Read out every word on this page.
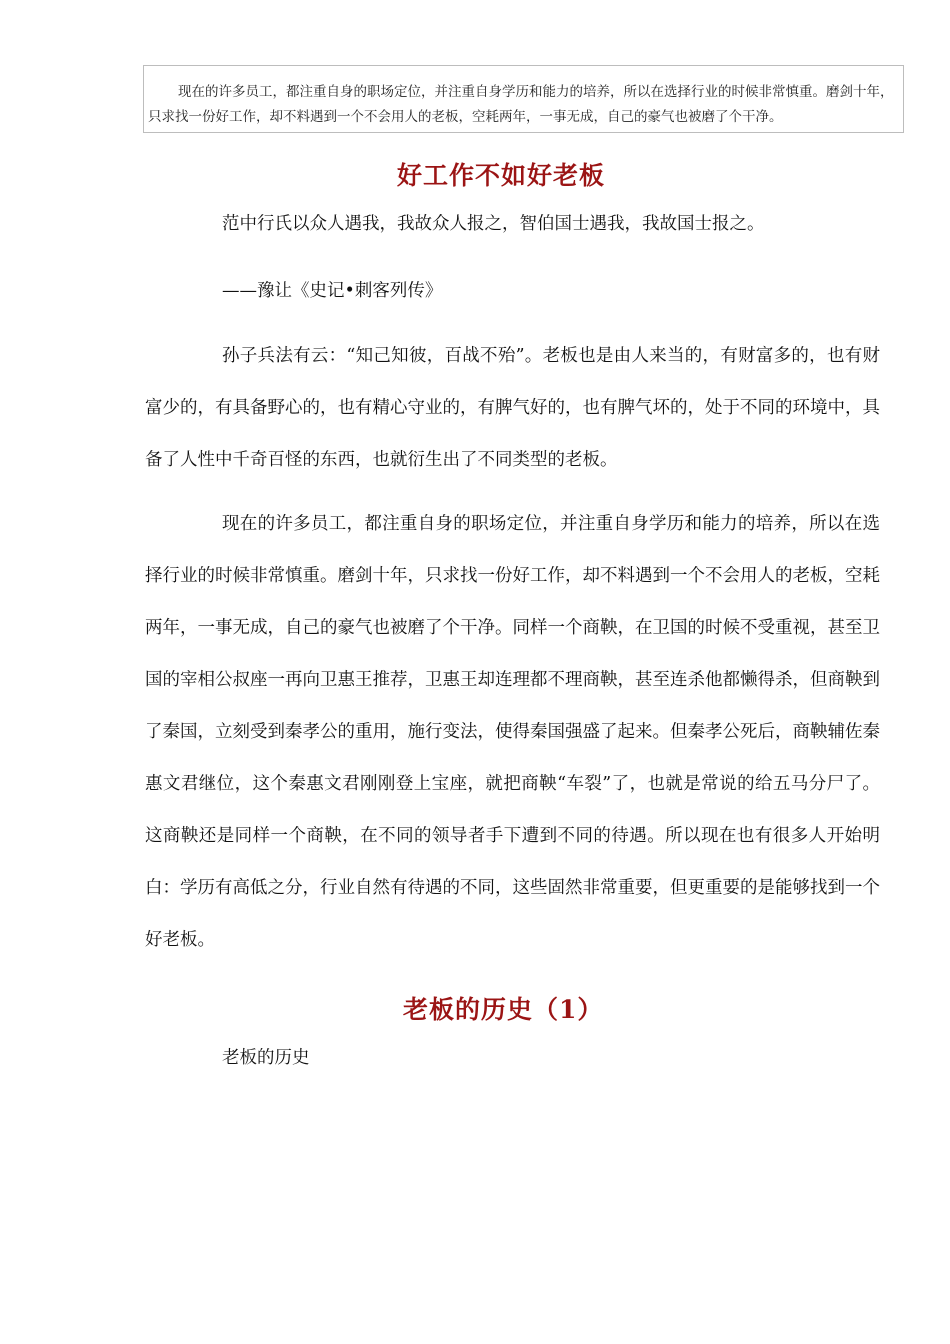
现在的许多员工，都注重自身的职场定位，并注重自身学历和能力的培养，所以在选择行业的时候非常慎重。磨剑十年，只求找一份好工作，却不料遇到一个不会用人的老板，空耗两年，一事无成，自己的豪气也被磨了个干净。
好工作不如好老板

范中行氏以众人遇我，我故众人报之，智伯国士遇我，我故国士报之。

——豫让《史记•刺客列传》

孙子兵法有云：“知己知彼，百战不殆”。老板也是由人来当的，有财富多的，也有财富少的，有具备野心的，也有精心守业的，有脾气好的，也有脾气坏的，处于不同的环境中，具备了人性中千奇百怪的东西，也就衍生出了不同类型的老板。

现在的许多员工，都注重自身的职场定位，并注重自身学历和能力的培养，所以在选择行业的时候非常慎重。磨剑十年，只求找一份好工作，却不料遇到一个不会用人的老板，空耗两年，一事无成，自己的豪气也被磨了个干净。同样一个商鞅，在卫国的时候不受重视，甚至卫国的宰相公叔座一再向卫惠王推荐，卫惠王却连理都不理商鞅，甚至连杀他都懒得杀，但商鞅到了秦国，立刻受到秦孝公的重用，施行变法，使得秦国强盛了起来。但秦孝公死后，商鞅辅佐秦惠文君继位，这个秦惠文君刚刚登上宝座，就把商鞅“车裂”了，也就是常说的给五马分尸了。这商鞅还是同样一个商鞅，在不同的领导者手下遭到不同的待遇。所以现在也有很多人开始明白：学历有高低之分，行业自然有待遇的不同，这些固然非常重要，但更重要的是能够找到一个好老板。

老板的历史（1）

老板的历史
